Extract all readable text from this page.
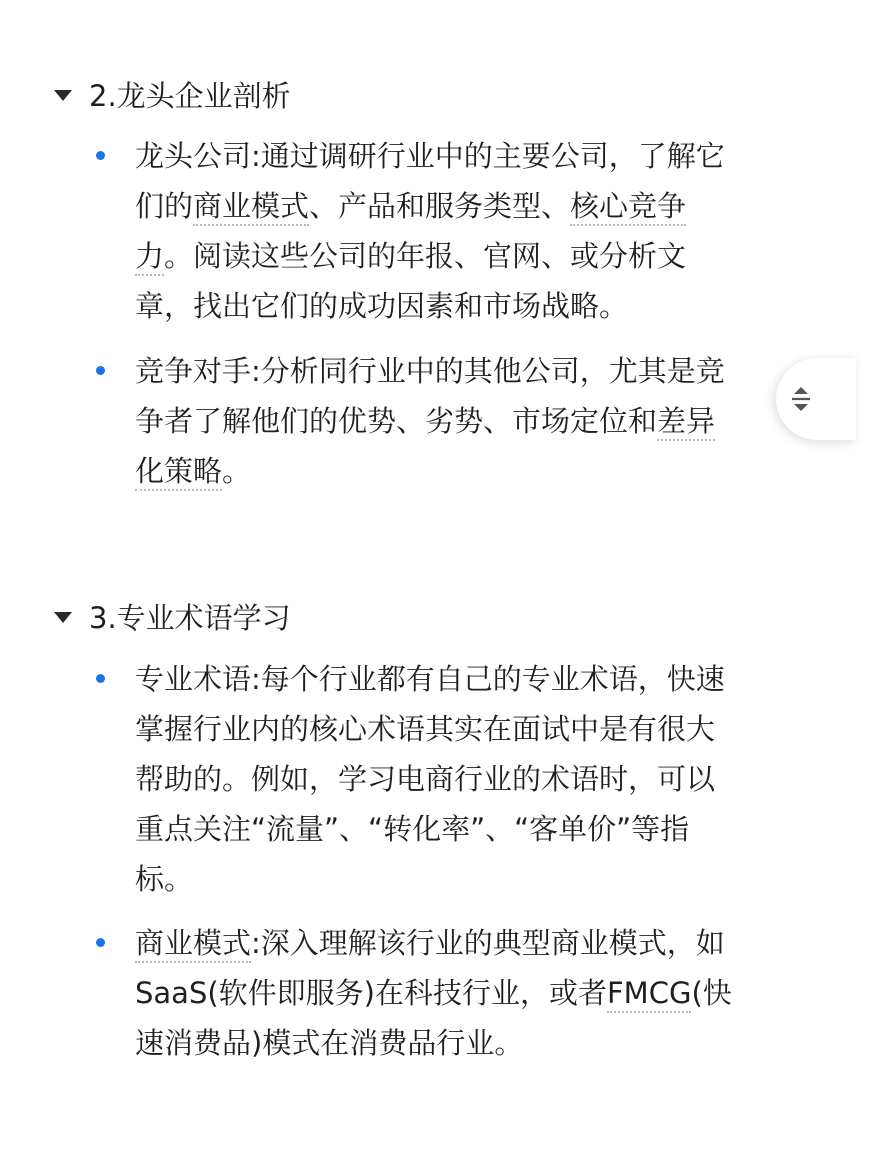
2.龙头企业剖析
龙头公司:通过调研行业中的主要公司，了解它
们的商业模式、产品和服务类型、核心竞争
力。阅读这些公司的年报、官网、或分析文
章，找出它们的成功因素和市场战略。
竞争对手:分析同行业中的其他公司，尤其是竞
争者了解他们的优势、劣势、市场定位和差异
化策略。
3.专业术语学习
专业术语:每个行业都有自己的专业术语，快速
掌握行业内的核心术语其实在面试中是有很大
帮助的。例如，学习电商行业的术语时，可以
重点关注“流量”、“转化率”、“客单价”等指
标。
商业模式:深入理解该行业的典型商业模式，如
SaaS(软件即服务)在科技行业，或者FMCG(快
速消费品)模式在消费品行业。
